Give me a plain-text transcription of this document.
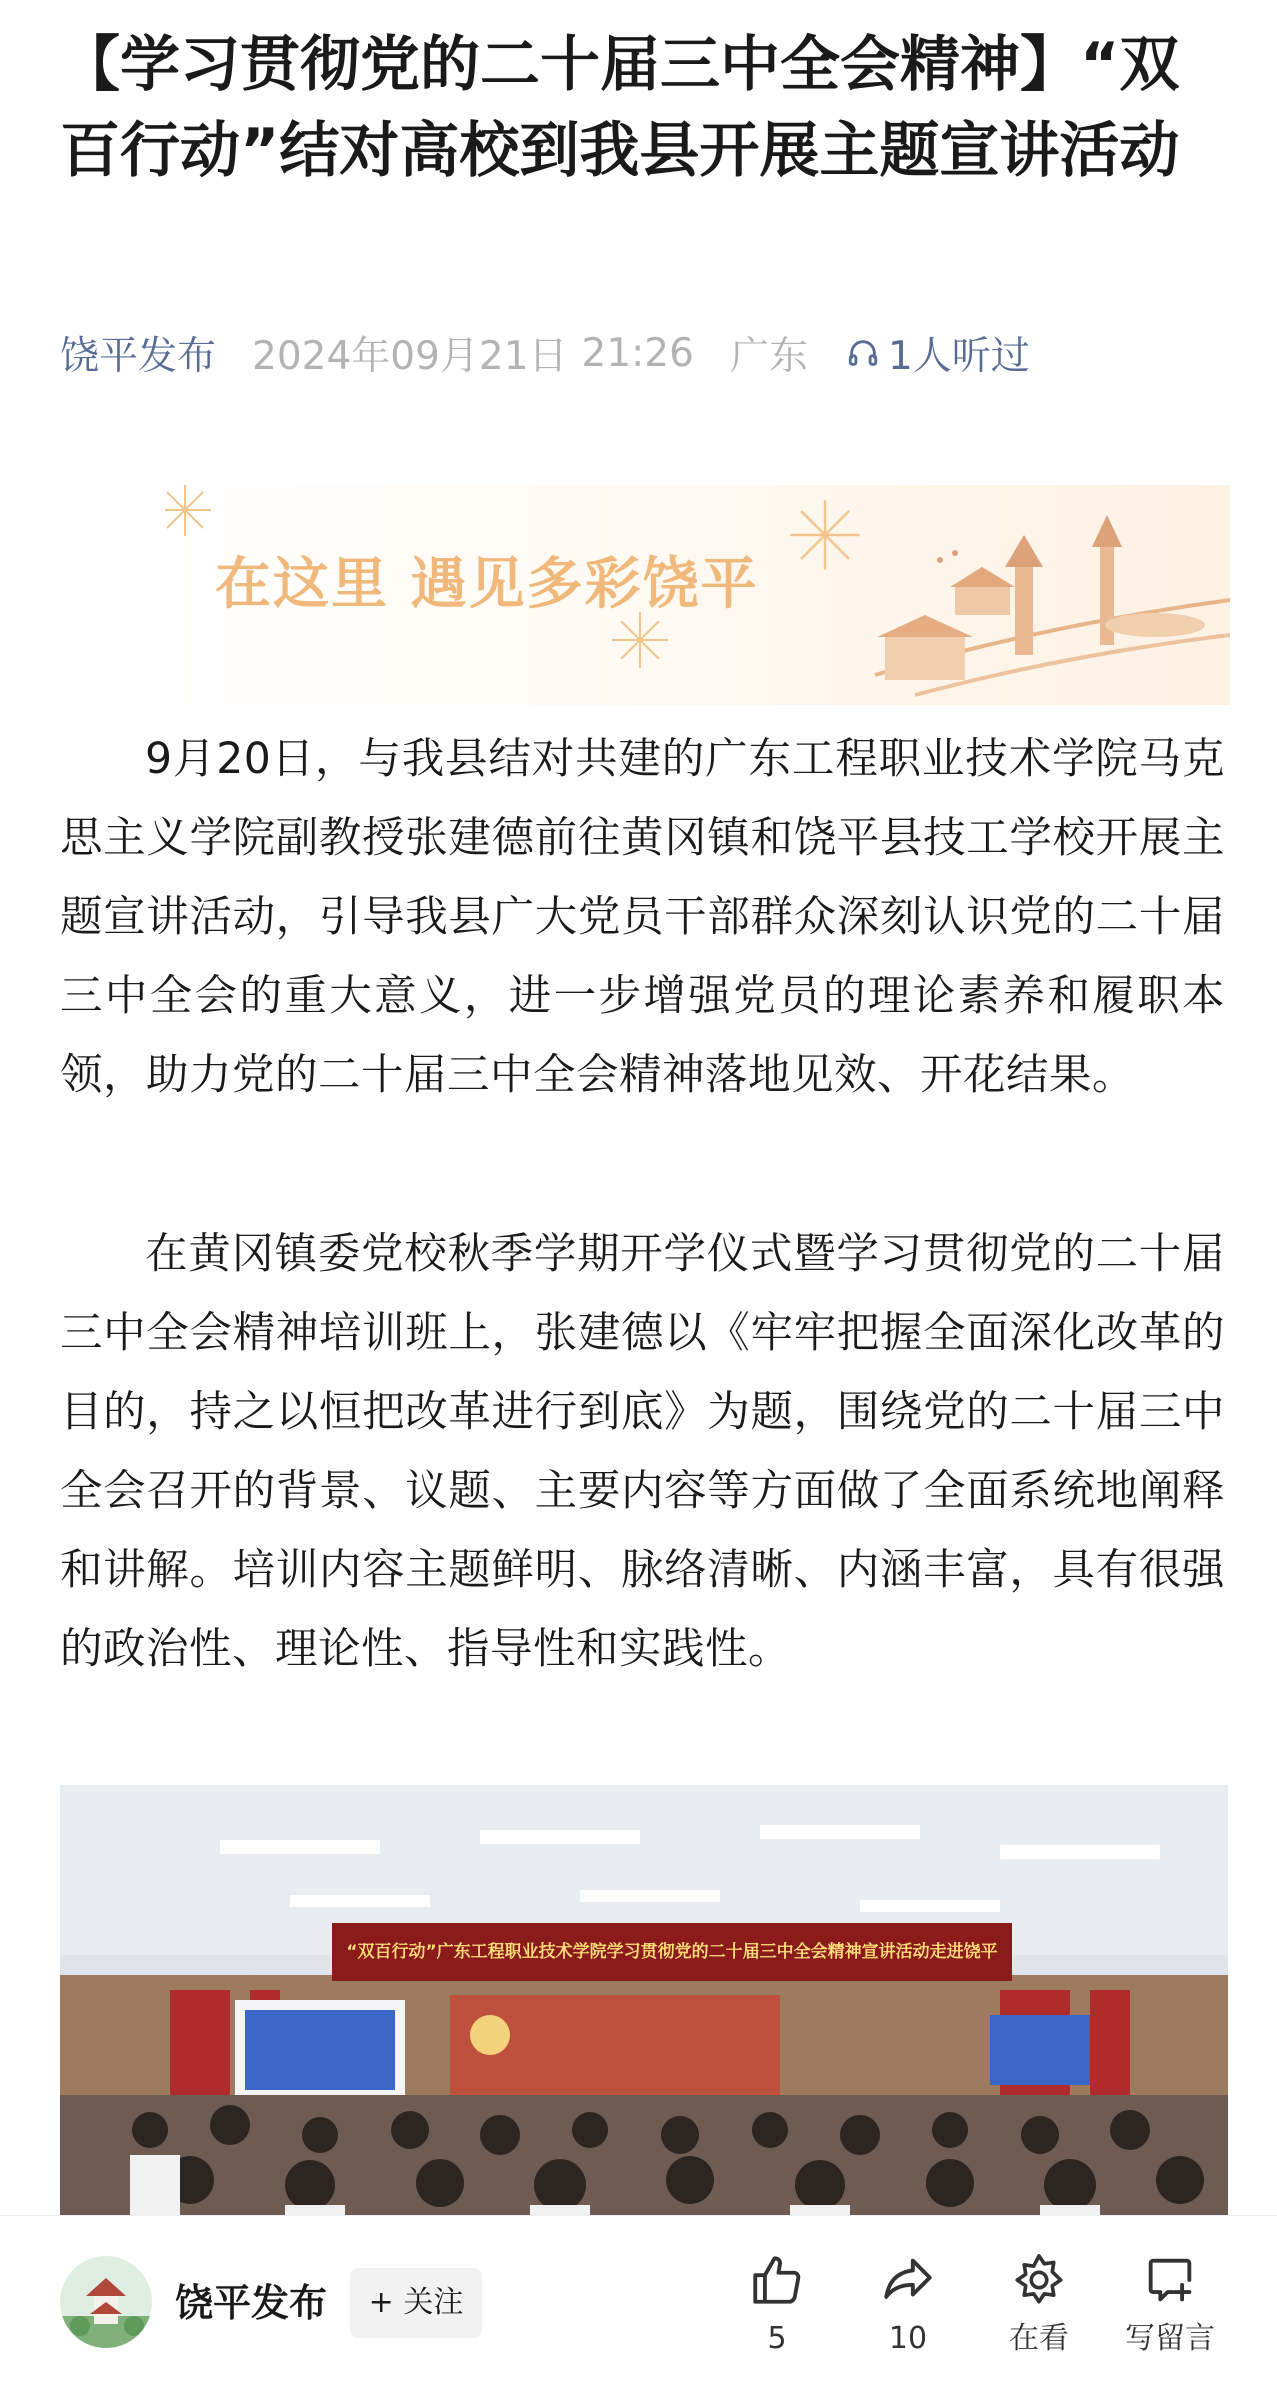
【学习贯彻党的二十届三中全会精神】“双百行动”结对高校到我县开展主题宣讲活动
饶平发布 2024年09月21日 21:26 广东 1人听过
在这里 遇见多彩饶平

9月20日，与我县结对共建的广东工程职业技术学院马克思主义学院副教授张建德前往黄冈镇和饶平县技工学校开展主题宣讲活动，引导我县广大党员干部群众深刻认识党的二十届三中全会的重大意义，进一步增强党员的理论素养和履职本领，助力党的二十届三中全会精神落地见效、开花结果。

在黄冈镇委党校秋季学期开学仪式暨学习贯彻党的二十届三中全会精神培训班上，张建德以《牢牢把握全面深化改革的目的，持之以恒把改革进行到底》为题，围绕党的二十届三中全会召开的背景、议题、主要内容等方面做了全面系统地阐释和讲解。培训内容主题鲜明、脉络清晰、内涵丰富，具有很强的政治性、理论性、指导性和实践性。

“双百行动”广东工程职业技术学院学习贯彻党的二十届三中全会精神宣讲活动走进饶平
饶平发布	+ 关注
5	10	在看	写留言
